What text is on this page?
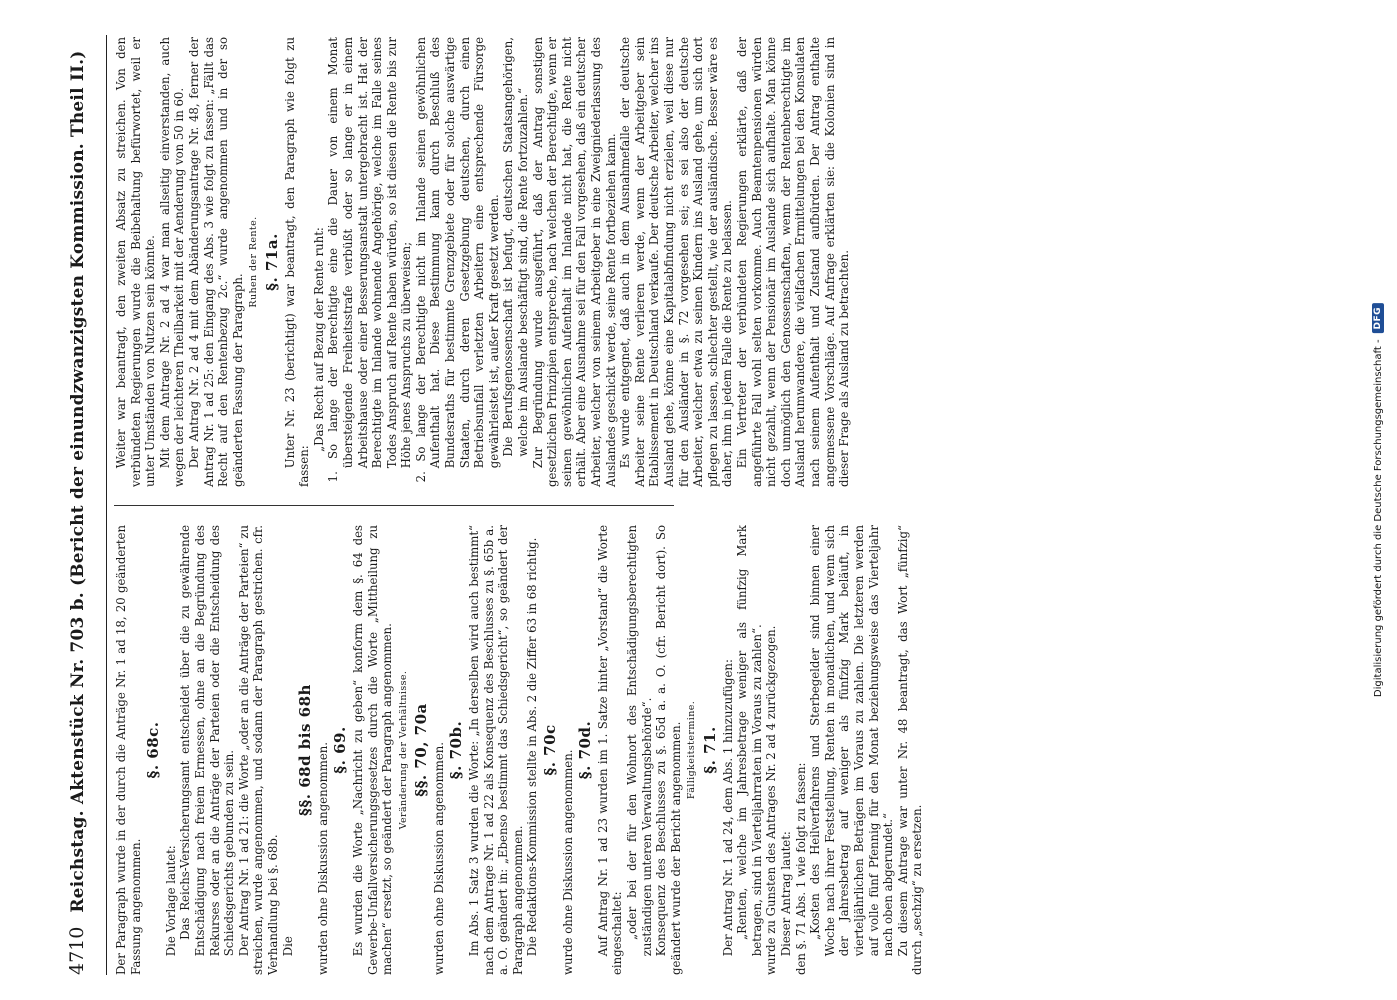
4710
Reichstag. Aktenstück Nr. 703 b. (Bericht der einundzwanzigsten Kommission. Theil II.) Der Paragraph wurde in der durch die Anträge Nr. 1 ad 18, 20 geänderten Fassung angenommen.

§. 68c.

Die Vorlage lautet: Das Reichs-Versicherungsamt entscheidet über die zu gewährende Entschädigung nach freiem Ermessen, ohne an die Begründung des Rekurses oder an die Anträge der Parteien oder die Entscheidung des Schiedsgerichts gebunden zu sein. Der Antrag Nr. 1 ad 21: die Worte „oder an die Anträge der Parteien“ zu streichen, wurde angenommen, und sodann der Paragraph gestrichen. cfr. Verhandlung bei §. 68b. Die

§§. 68d bis 68h wurden ohne Diskussion angenommen. §. 69. Es wurden die Worte „Nachricht zu geben“ konform dem §. 64 des Gewerbe-Unfallversicherungsgesetzes durch die Worte „Mittheilung zu machen“ ersetzt, so geändert der Paragraph angenommen. Veränderung der Verhältnisse. §§. 70, 70a wurden ohne Diskussion angenommen. §. 70b. Im Abs. 1 Satz 3 wurden die Worte: „In derselben wird auch bestimmt“ nach dem Antrage Nr. 1 ad 22 als Konsequenz des Beschlusses zu §. 65b a. a. O. geändert in: „Ebenso bestimmt das Schiedsgericht“, so geändert der Paragraph angenommen. Die Redaktions-Kommission stellte in Abs. 2 die Ziffer 63 in 68 richtig. §. 70c wurde ohne Diskussion angenommen. §. 70d. Auf Antrag Nr. 1 ad 23 wurden im 1. Satze hinter „Vorstand“ die Worte eingeschaltet: „oder bei der für den Wohnort des Entschädigungsberechtigten zuständigen unteren Verwaltungsbehörde“. Konsequenz des Beschlusses zu §. 65d a. a. O. (cfr. Bericht dort). So geändert wurde der Bericht angenommen. Fälligkeitstermine. §. 71. Der Antrag Nr. 1 ad 24, dem Abs. 1 hinzuzufügen: „Renten, welche im Jahresbetrage weniger als fünfzig Mark betragen, sind in Vierteljahrraten im Voraus zu zahlen“. wurde zu Gunsten des Antrages Nr. 2 ad 4 zurückgezogen. Dieser Antrag lautet: den §. 71 Abs. 1 wie folgt zu fassen: „Kosten des Heilverfahrens und Sterbegelder sind binnen einer Woche nach ihrer Feststellung, Renten in monatlichen, und wenn sich der Jahresbetrag auf weniger als fünfzig Mark beläuft, in vierteljährlichen Beträgen im Voraus zu zahlen. Die letzteren werden auf volle fünf Pfennig für den Monat beziehungsweise das Vierteljahr nach oben abgerundet.“ Zu diesem Antrage war unter Nr. 48 beantragt, das Wort „fünfzig“ durch „sechzig“ zu ersetzen.

Weiter war beantragt, den zweiten Absatz zu streichen. Von den verbündeten Regierungen wurde die Beibehaltung befürwortet, weil er unter Umständen von Nutzen sein könnte. Mit dem Antrage Nr. 2 ad 4 war man allseitig einverstanden, auch wegen der leichteren Theilbarkeit mit der Aenderung von 50 in 60. Der Antrag Nr. 2 ad 4 mit dem Abänderungsantrage Nr. 48, ferner der Antrag Nr. 1 ad 25: den Eingang des Abs. 3 wie folgt zu fassen: „Fällt das Recht auf den Rentenbezug 2c.“ wurde angenommen und in der so geänderten Fassung der Paragraph.

Ruhen der Rente. §. 71a. Unter Nr. 23 (berichtigt) war beantragt, den Paragraph wie folgt zu fassen:

„Das Recht auf Bezug der Rente ruht: 1. So lange der Berechtigte eine die Dauer von einem Monat übersteigende Freiheitsstrafe verbüßt oder so lange er in einem Arbeitshause oder einer Besserungsanstalt untergebracht ist. Hat der Berechtigte im Inlande wohnende Angehörige, welche im Falle seines Todes Anspruch auf Rente haben würden, so ist diesen die Rente bis zur Höhe jenes Anspruchs zu überweisen; 2. So lange der Berechtigte nicht im Inlande seinen gewöhnlichen Aufenthalt hat. Diese Bestimmung kann durch Beschluß des Bundesraths für bestimmte Grenzgebiete oder für solche auswärtige Staaten, durch deren Gesetzgebung deutschen, durch einen Betriebsunfall verletzten Arbeitern eine entsprechende Fürsorge gewährleistet ist, außer Kraft gesetzt werden. Die Berufsgenossenschaft ist befugt, deutschen Staatsangehörigen, welche im Auslande beschäftigt sind, die Rente fortzuzahlen.“ Zur Begründung wurde ausgeführt, daß der Antrag sonstigen gesetzlichen Prinzipien entspreche, nach welchen der Berechtigte, wenn er seinen gewöhnlichen Aufenthalt im Inlande nicht hat, die Rente nicht erhält. Aber eine Ausnahme sei für den Fall vorgesehen, daß ein deutscher Arbeiter, welcher von seinem Arbeitgeber in eine Zweigniederlassung des Auslandes geschickt werde, seine Rente fortbeziehen kann. Es wurde entgegnet, daß auch in dem Ausnahmefalle der deutsche Arbeiter seine Rente verlieren werde, wenn der Arbeitgeber sein Etablissement in Deutschland verkaufe. Der deutsche Arbeiter, welcher ins Ausland gehe, könne eine Kapitalabfindung nicht erzielen, weil diese nur für den Ausländer in §. 72 vorgesehen sei; es sei also der deutsche Arbeiter, welcher etwa zu seinen Kindern ins Ausland gehe, um sich dort pflegen zu lassen, schlechter gestellt, wie der ausländische. Besser wäre es daher, ihm in jedem Falle die Rente zu belassen. Ein Vertreter der verbündeten Regierungen erklärte, daß der angeführte Fall wohl selten vorkomme. Auch Beamtenpensionen würden nicht gezahlt, wenn der Pensionär im Auslande sich aufhalte. Man könne doch unmöglich den Genossenschaften, wenn der Rentenberechtigte im Ausland herumwandere, die vielfachen Ermittelungen bei den Konsulaten nach seinem Aufenthalt und Zustand aufbürden. Der Antrag enthalte angemessene Vorschläge. Auf Anfrage erklärten sie: die Kolonien sind in dieser Frage als Ausland zu betrachten.	Digitalisierung gefördert durch die Deutsche Forschungsgemeinschaft -
DFG
